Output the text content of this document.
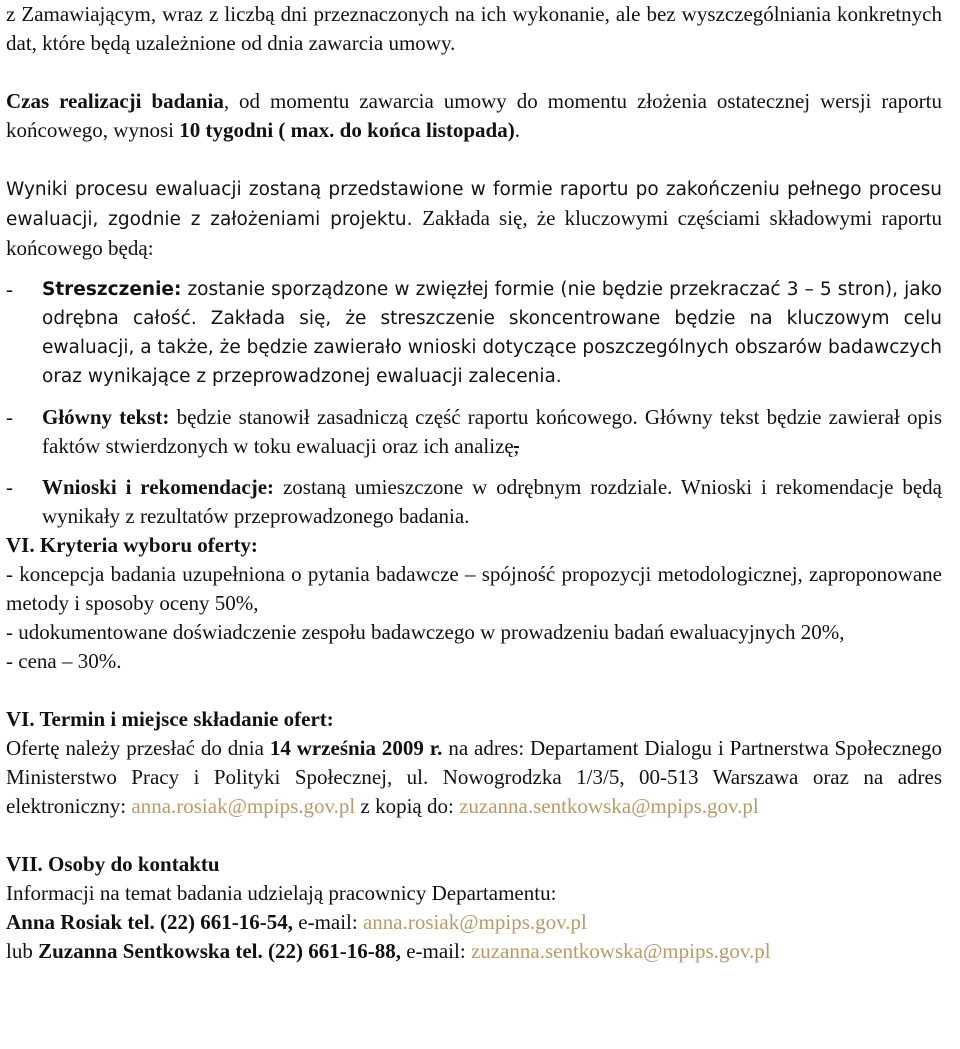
z Zamawiającym, wraz z liczbą dni przeznaczonych na ich wykonanie, ale bez wyszczególniania konkretnych dat, które będą uzależnione od dnia zawarcia umowy.

Czas realizacji badania, od momentu zawarcia umowy do momentu złożenia ostatecznej wersji raportu końcowego, wynosi 10 tygodni ( max. do końca listopada).

Wyniki procesu ewaluacji zostaną przedstawione w formie raportu po zakończeniu pełnego procesu ewaluacji, zgodnie z założeniami projektu. Zakłada się, że kluczowymi częściami składowymi raportu końcowego będą:

-	Streszczenie: zostanie sporządzone w zwięzłej formie (nie będzie przekraczać 3 – 5 stron), jako odrębna całość. Zakłada się, że streszczenie skoncentrowane będzie na kluczowym celu ewaluacji, a także, że będzie zawierało wnioski dotyczące poszczególnych obszarów badawczych oraz wynikające z przeprowadzonej ewaluacji zalecenia.
-	Główny tekst: będzie stanowił zasadniczą część raportu końcowego. Główny tekst będzie zawierał opis faktów stwierdzonych w toku ewaluacji oraz ich analizę,
-	Wnioski i rekomendacje: zostaną umieszczone w odrębnym rozdziale. Wnioski i rekomendacje będą wynikały z rezultatów przeprowadzonego badania.

VI. Kryteria wyboru oferty:

- koncepcja badania uzupełniona o pytania badawcze – spójność propozycji metodologicznej, zaproponowane metody i sposoby oceny 50%,

- udokumentowane doświadczenie zespołu badawczego w prowadzeniu badań ewaluacyjnych 20%,

- cena – 30%.

VI. Termin i miejsce składanie ofert:

Ofertę należy przesłać do dnia 14 września 2009 r. na adres: Departament Dialogu i Partnerstwa Społecznego Ministerstwo Pracy i Polityki Społecznej, ul. Nowogrodzka 1/3/5, 00-513 Warszawa oraz na adres elektroniczny: anna.rosiak@mpips.gov.pl z kopią do: zuzanna.sentkowska@mpips.gov.pl

VII. Osoby do kontaktu

Informacji na temat badania udzielają pracownicy Departamentu:

Anna Rosiak tel. (22) 661-16-54, e-mail: anna.rosiak@mpips.gov.pl

lub Zuzanna Sentkowska tel. (22) 661-16-88, e-mail: zuzanna.sentkowska@mpips.gov.pl
